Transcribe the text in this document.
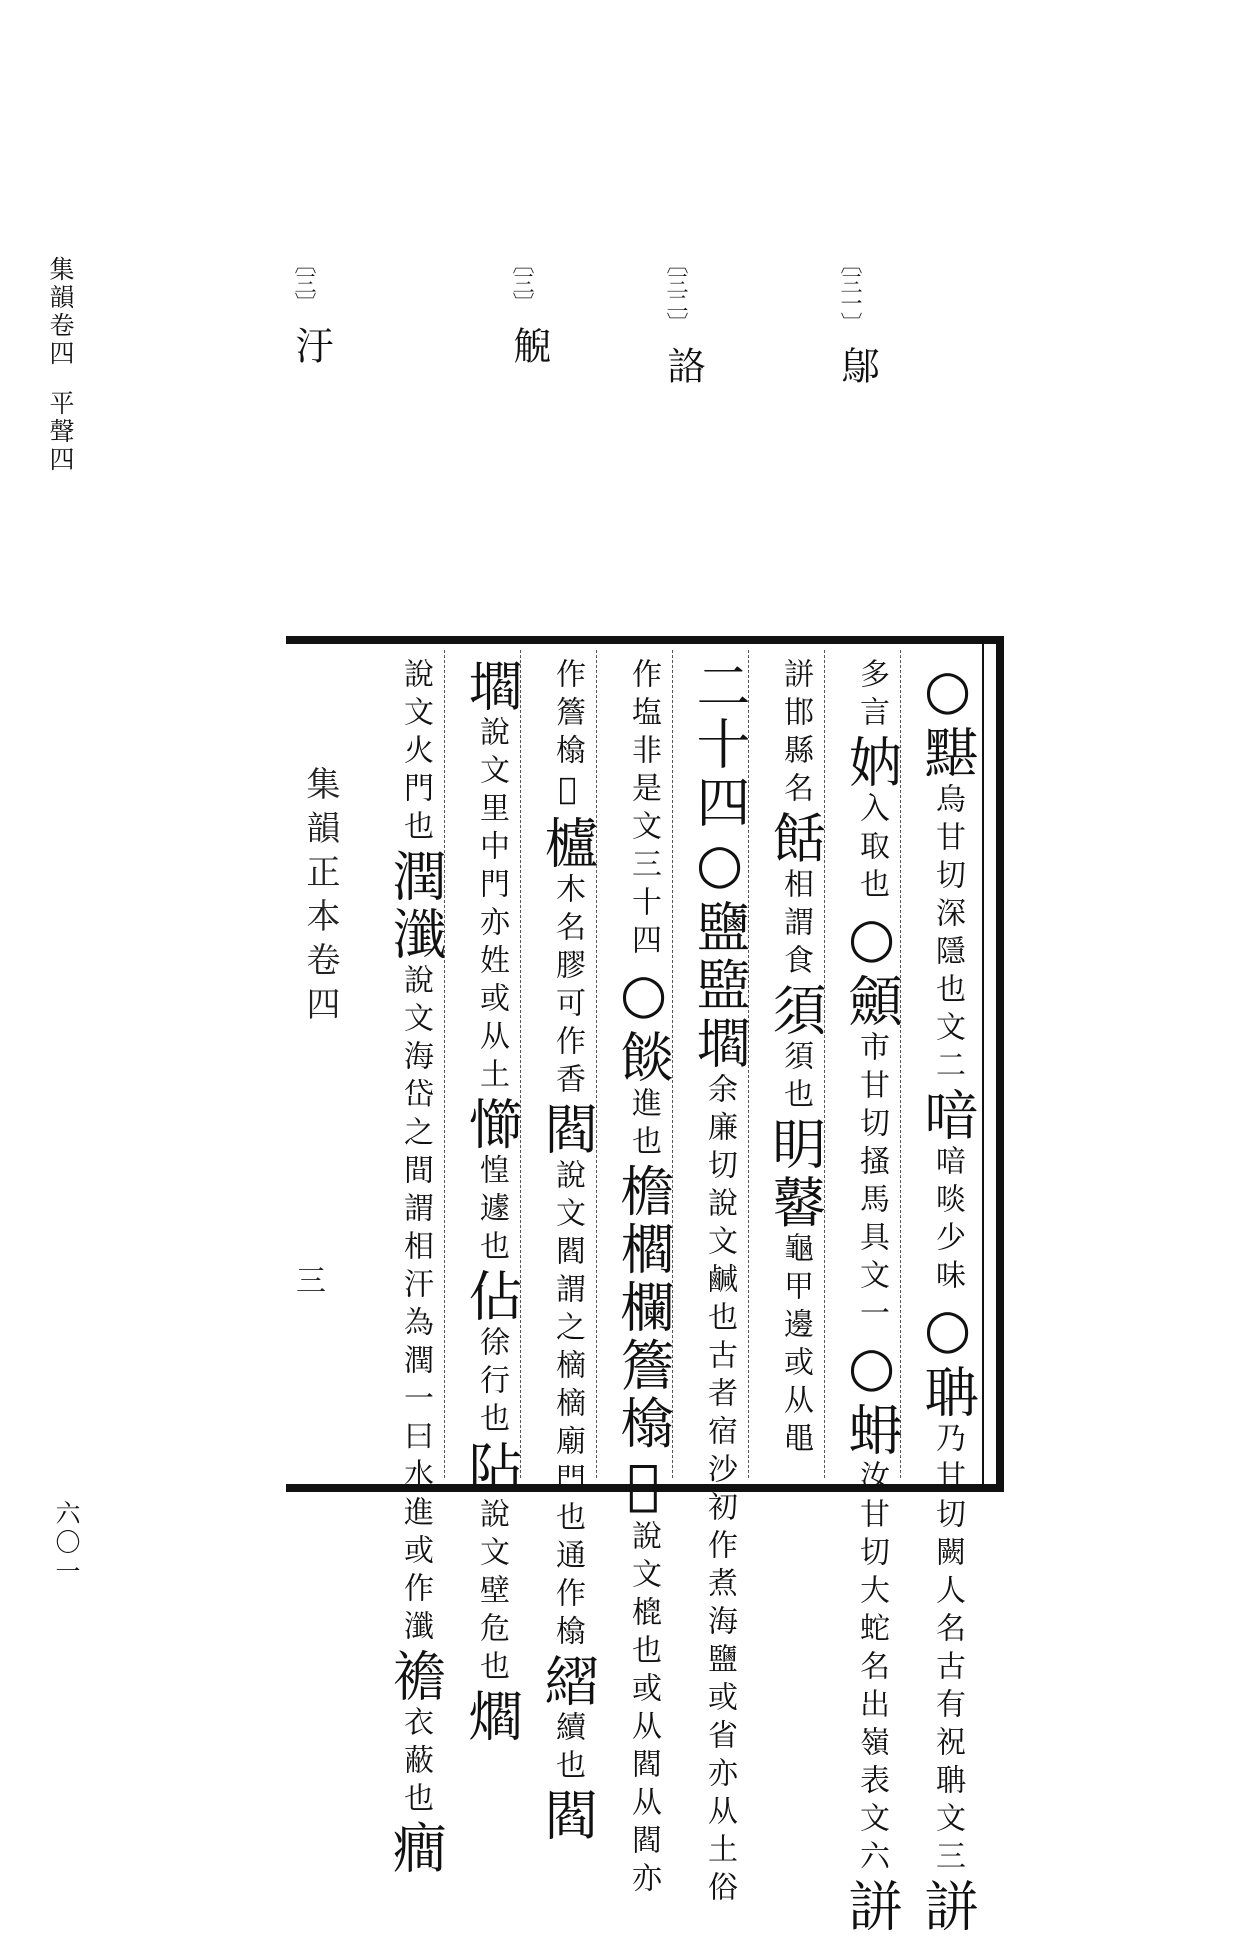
集韻卷四平聲四
六〇一
〔三一〕
鄔
〔三二〕
詻
〔三〕
觬
〔三〕
汙
○黮烏甘切深隱也文二喑喑啖少味○聃乃甘切闕人名古有祝聃文三誁
多言妠入取也○顩市甘切搔馬具文一○蚦汝甘切大蛇名出嶺表文六誁
誁邯縣名餂相謂食須須也眀䶁龜甲邊或从黽
二十四○鹽盬壛余廉切說文鹹也古者宿沙初作煮海鹽或省亦从土俗
作塩非是文三十四○餤進也檐櫩欄簷㯓𠆭說文㮰也或从閻从閻亦
作簷㯓𠆭櫨木名膠可作香閻說文閻謂之樀樀廟門也通作㯓䌌續也閻
壛說文里中門亦姓或从土㦢惶遽也佔徐行也阽說文壁危也爓
說文火門也潤瀸說文海岱之間謂相汗為潤一曰水進或作瀸襜衣蔽也癎
集韻正本卷四
三
